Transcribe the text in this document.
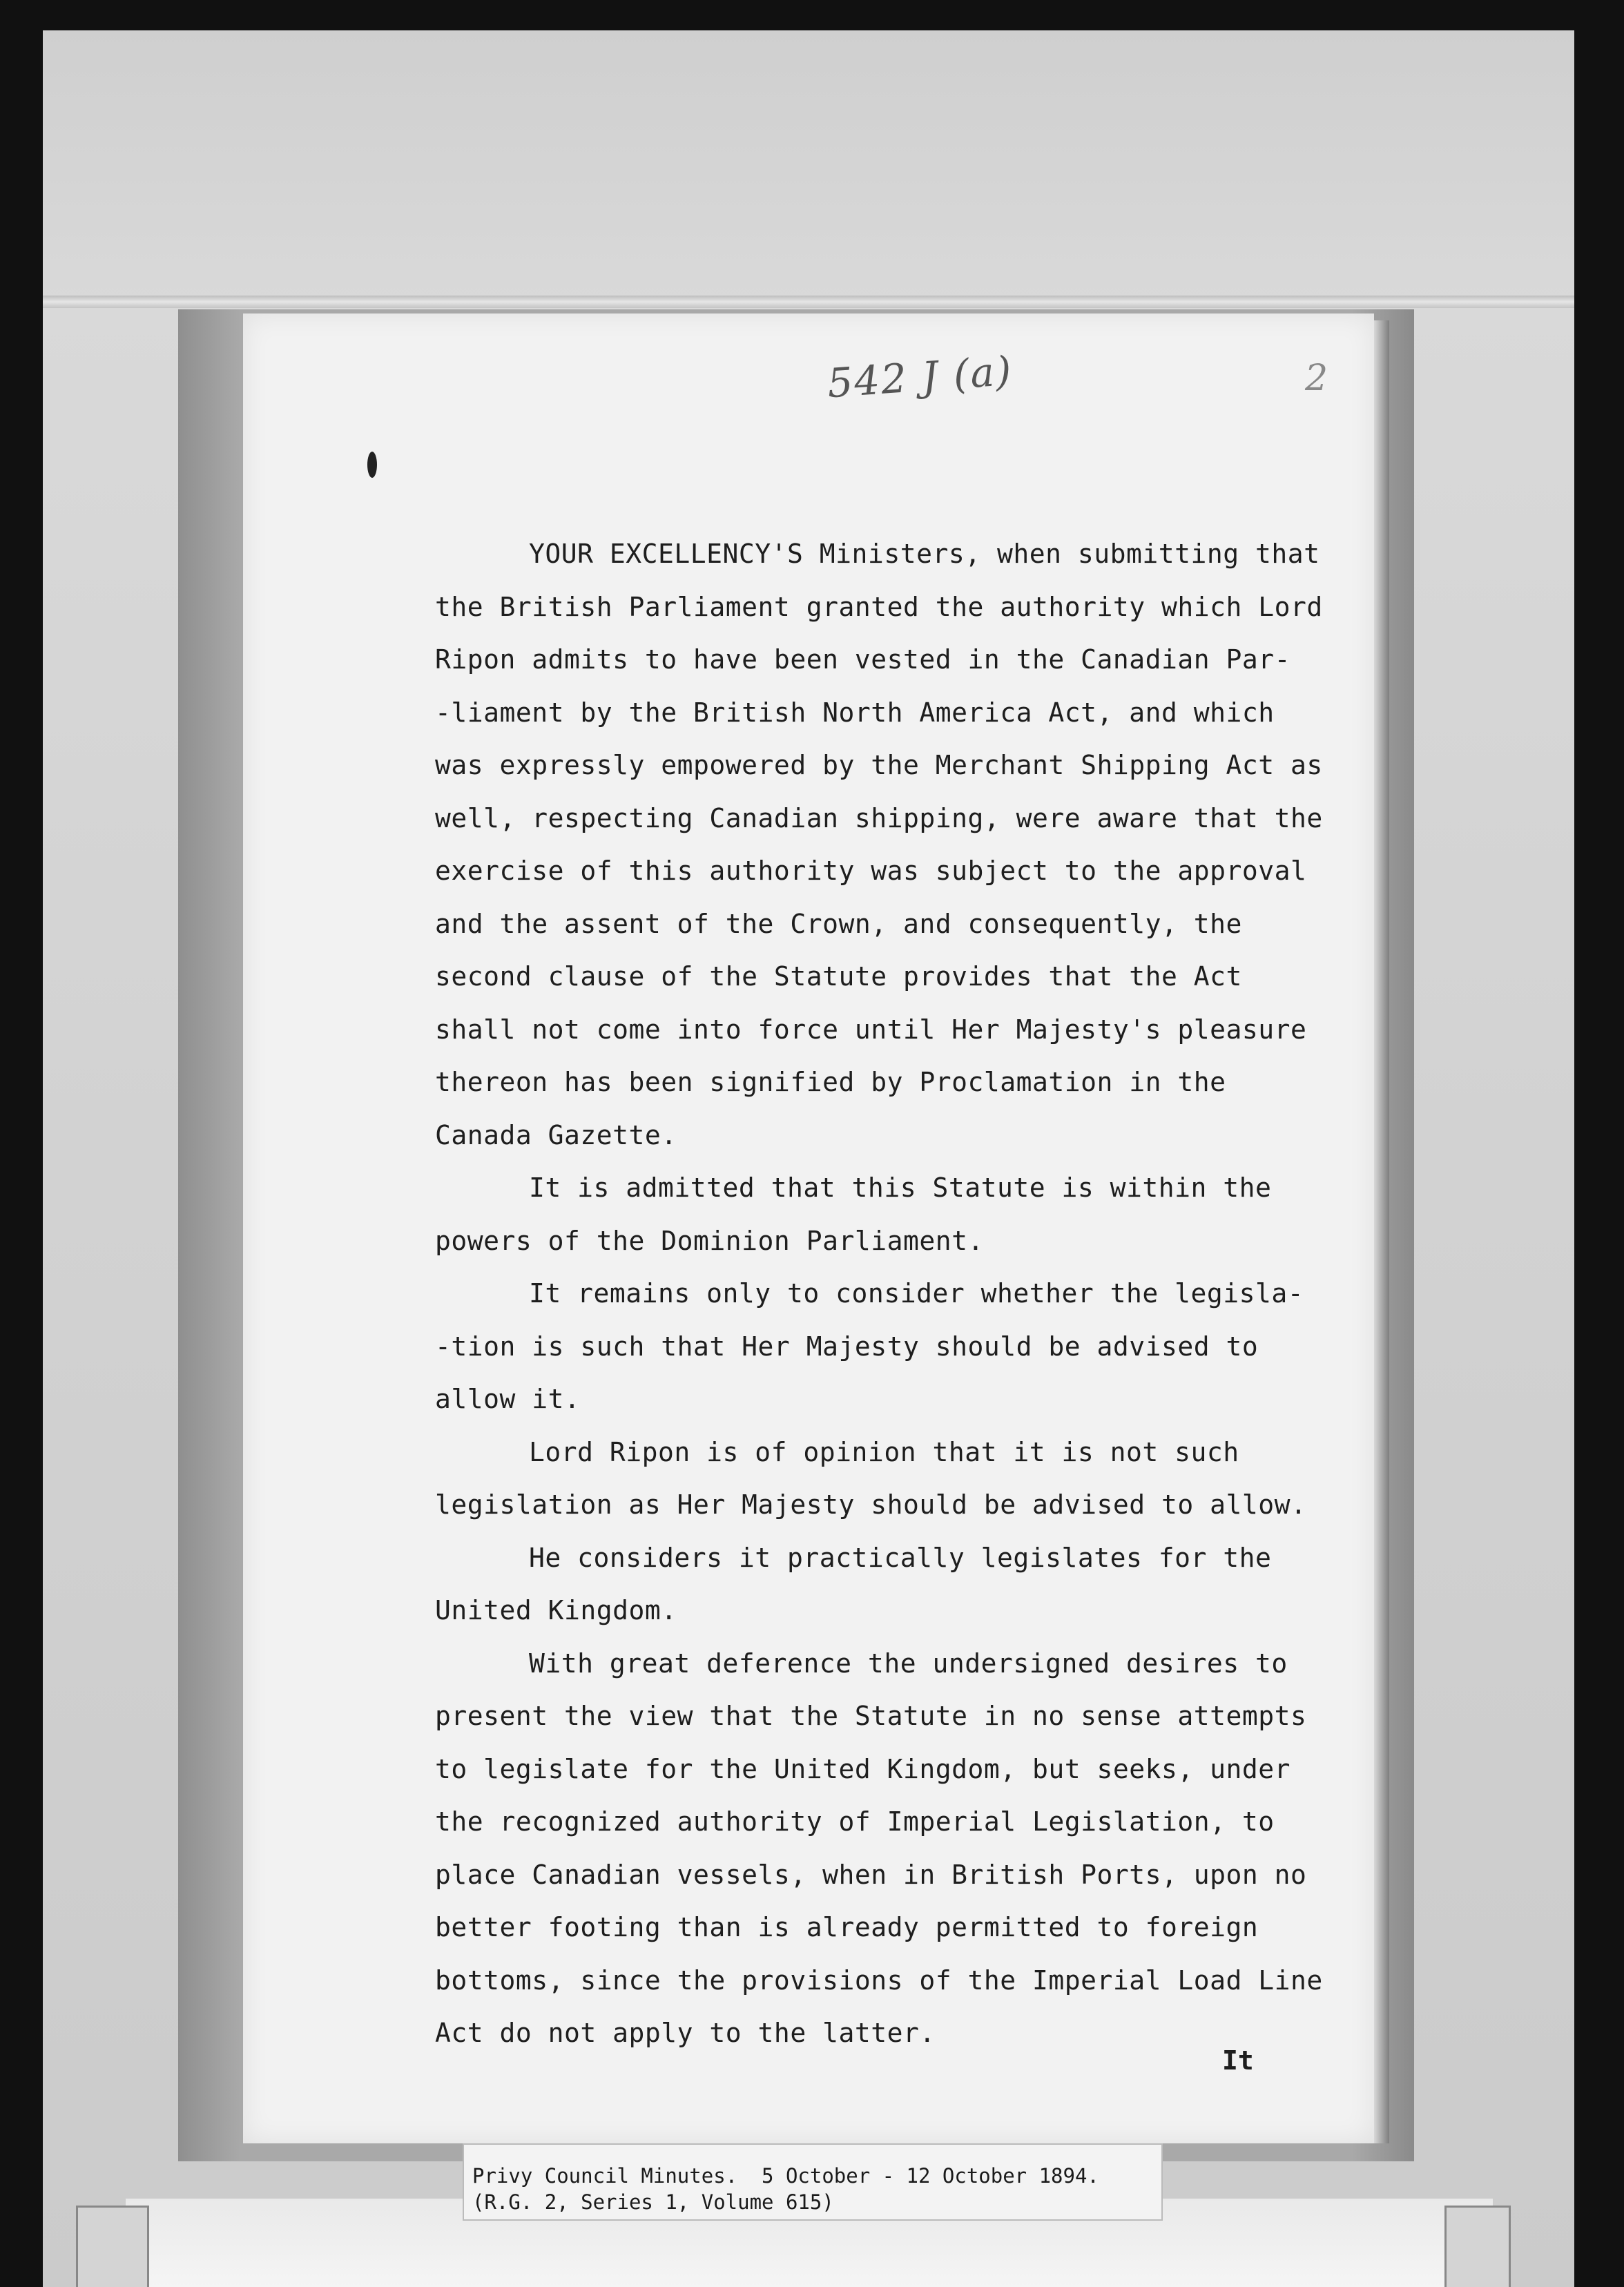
542 J (a)	2
YOUR EXCELLENCY'S Ministers, when submitting that
the British Parliament granted the authority which Lord
Ripon admits to have been vested in the Canadian Par-
-liament by the British North America Act, and which
was expressly empowered by the Merchant Shipping Act as
well, respecting Canadian shipping, were aware that the
exercise of this authority was subject to the approval
and the assent of the Crown, and consequently, the
second clause of the Statute provides that the Act
shall not come into force until Her Majesty's pleasure
thereon has been signified by Proclamation in the
Canada Gazette.
It is admitted that this Statute is within the
powers of the Dominion Parliament.
It remains only to consider whether the legisla-
-tion is such that Her Majesty should be advised to
allow it.
Lord Ripon is of opinion that it is not such
legislation as Her Majesty should be advised to allow.
He considers it practically legislates for the
United Kingdom.
With great deference the undersigned desires to
present the view that the Statute in no sense attempts
to legislate for the United Kingdom, but seeks, under
the recognized authority of Imperial Legislation, to
place Canadian vessels, when in British Ports, upon no
better footing than is already permitted to foreign
bottoms, since the provisions of the Imperial Load Line
Act do not apply to the latter.
It
Privy Council Minutes.  5 October - 12 October 1894.
(R.G. 2, Series 1, Volume 615)
